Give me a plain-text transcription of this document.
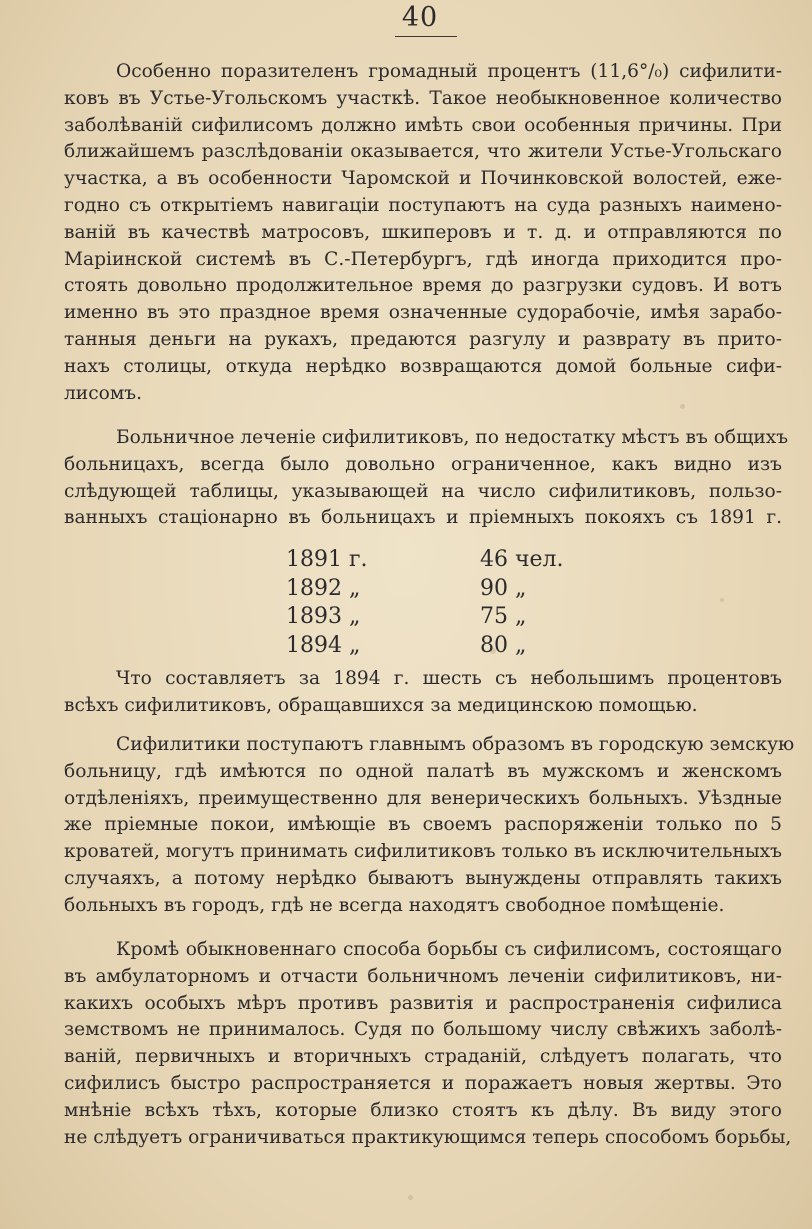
40

Особенно поразителенъ громадный процентъ (11,6°/₀) сифилити-
ковъ въ Устье-Угольскомъ участкѣ. Такое необыкновенное количество
заболѣваній сифилисомъ должно имѣть свои особенныя причины. При
ближайшемъ разслѣдованіи оказывается, что жители Устье-Угольскаго
участка, а въ особенности Чаромской и Починковской волостей, еже-
годно съ открытіемъ навигаціи поступаютъ на суда разныхъ наимено-
ваній въ качествѣ матросовъ, шкиперовъ и т. д. и отправляются по
Маріинской системѣ въ С.-Петербургъ, гдѣ иногда приходится про-
стоять довольно продолжительное время до разгрузки судовъ. И вотъ
именно въ это праздное время означенные судорабочіе, имѣя зарабо-
танныя деньги на рукахъ, предаются разгулу и разврату въ прито-
нахъ столицы, откуда нерѣдко возвращаются домой больные сифи-
лисомъ.

Больничное леченіе сифилитиковъ, по недостатку мѣстъ въ общихъ
больницахъ, всегда было довольно ограниченное, какъ видно изъ
слѣдующей таблицы, указывающей на число сифилитиковъ, пользо-
ванныхъ стаціонарно въ больницахъ и пріемныхъ покояхъ съ 1891 г.

1891 г.	46 чел.
1892 „	90 „
1893 „	75 „
1894 „	80 „

Что составляетъ за 1894 г. шесть съ небольшимъ процентовъ
всѣхъ сифилитиковъ, обращавшихся за медицинскою помощью.

Сифилитики поступаютъ главнымъ образомъ въ городскую земскую
больницу, гдѣ имѣются по одной палатѣ въ мужскомъ и женскомъ
отдѣленіяхъ, преимущественно для венерическихъ больныхъ. Уѣздные
же пріемные покои, имѣющіе въ своемъ распоряженіи только по 5
кроватей, могутъ принимать сифилитиковъ только въ исключительныхъ
случаяхъ, а потому нерѣдко бываютъ вынуждены отправлять такихъ
больныхъ въ городъ, гдѣ не всегда находятъ свободное помѣщеніе.

Кромѣ обыкновеннаго способа борьбы съ сифилисомъ, состоящаго
въ амбулаторномъ и отчасти больничномъ леченіи сифилитиковъ, ни-
какихъ особыхъ мѣръ противъ развитія и распространенія сифилиса
земствомъ не принималось. Судя по большому числу свѣжихъ заболѣ-
ваній, первичныхъ и вторичныхъ страданій, слѣдуетъ полагать, что
сифилисъ быстро распространяется и поражаетъ новыя жертвы. Это
мнѣніе всѣхъ тѣхъ, которые близко стоятъ къ дѣлу. Въ виду этого
не слѣдуетъ ограничиваться практикующимся теперь способомъ борьбы,
